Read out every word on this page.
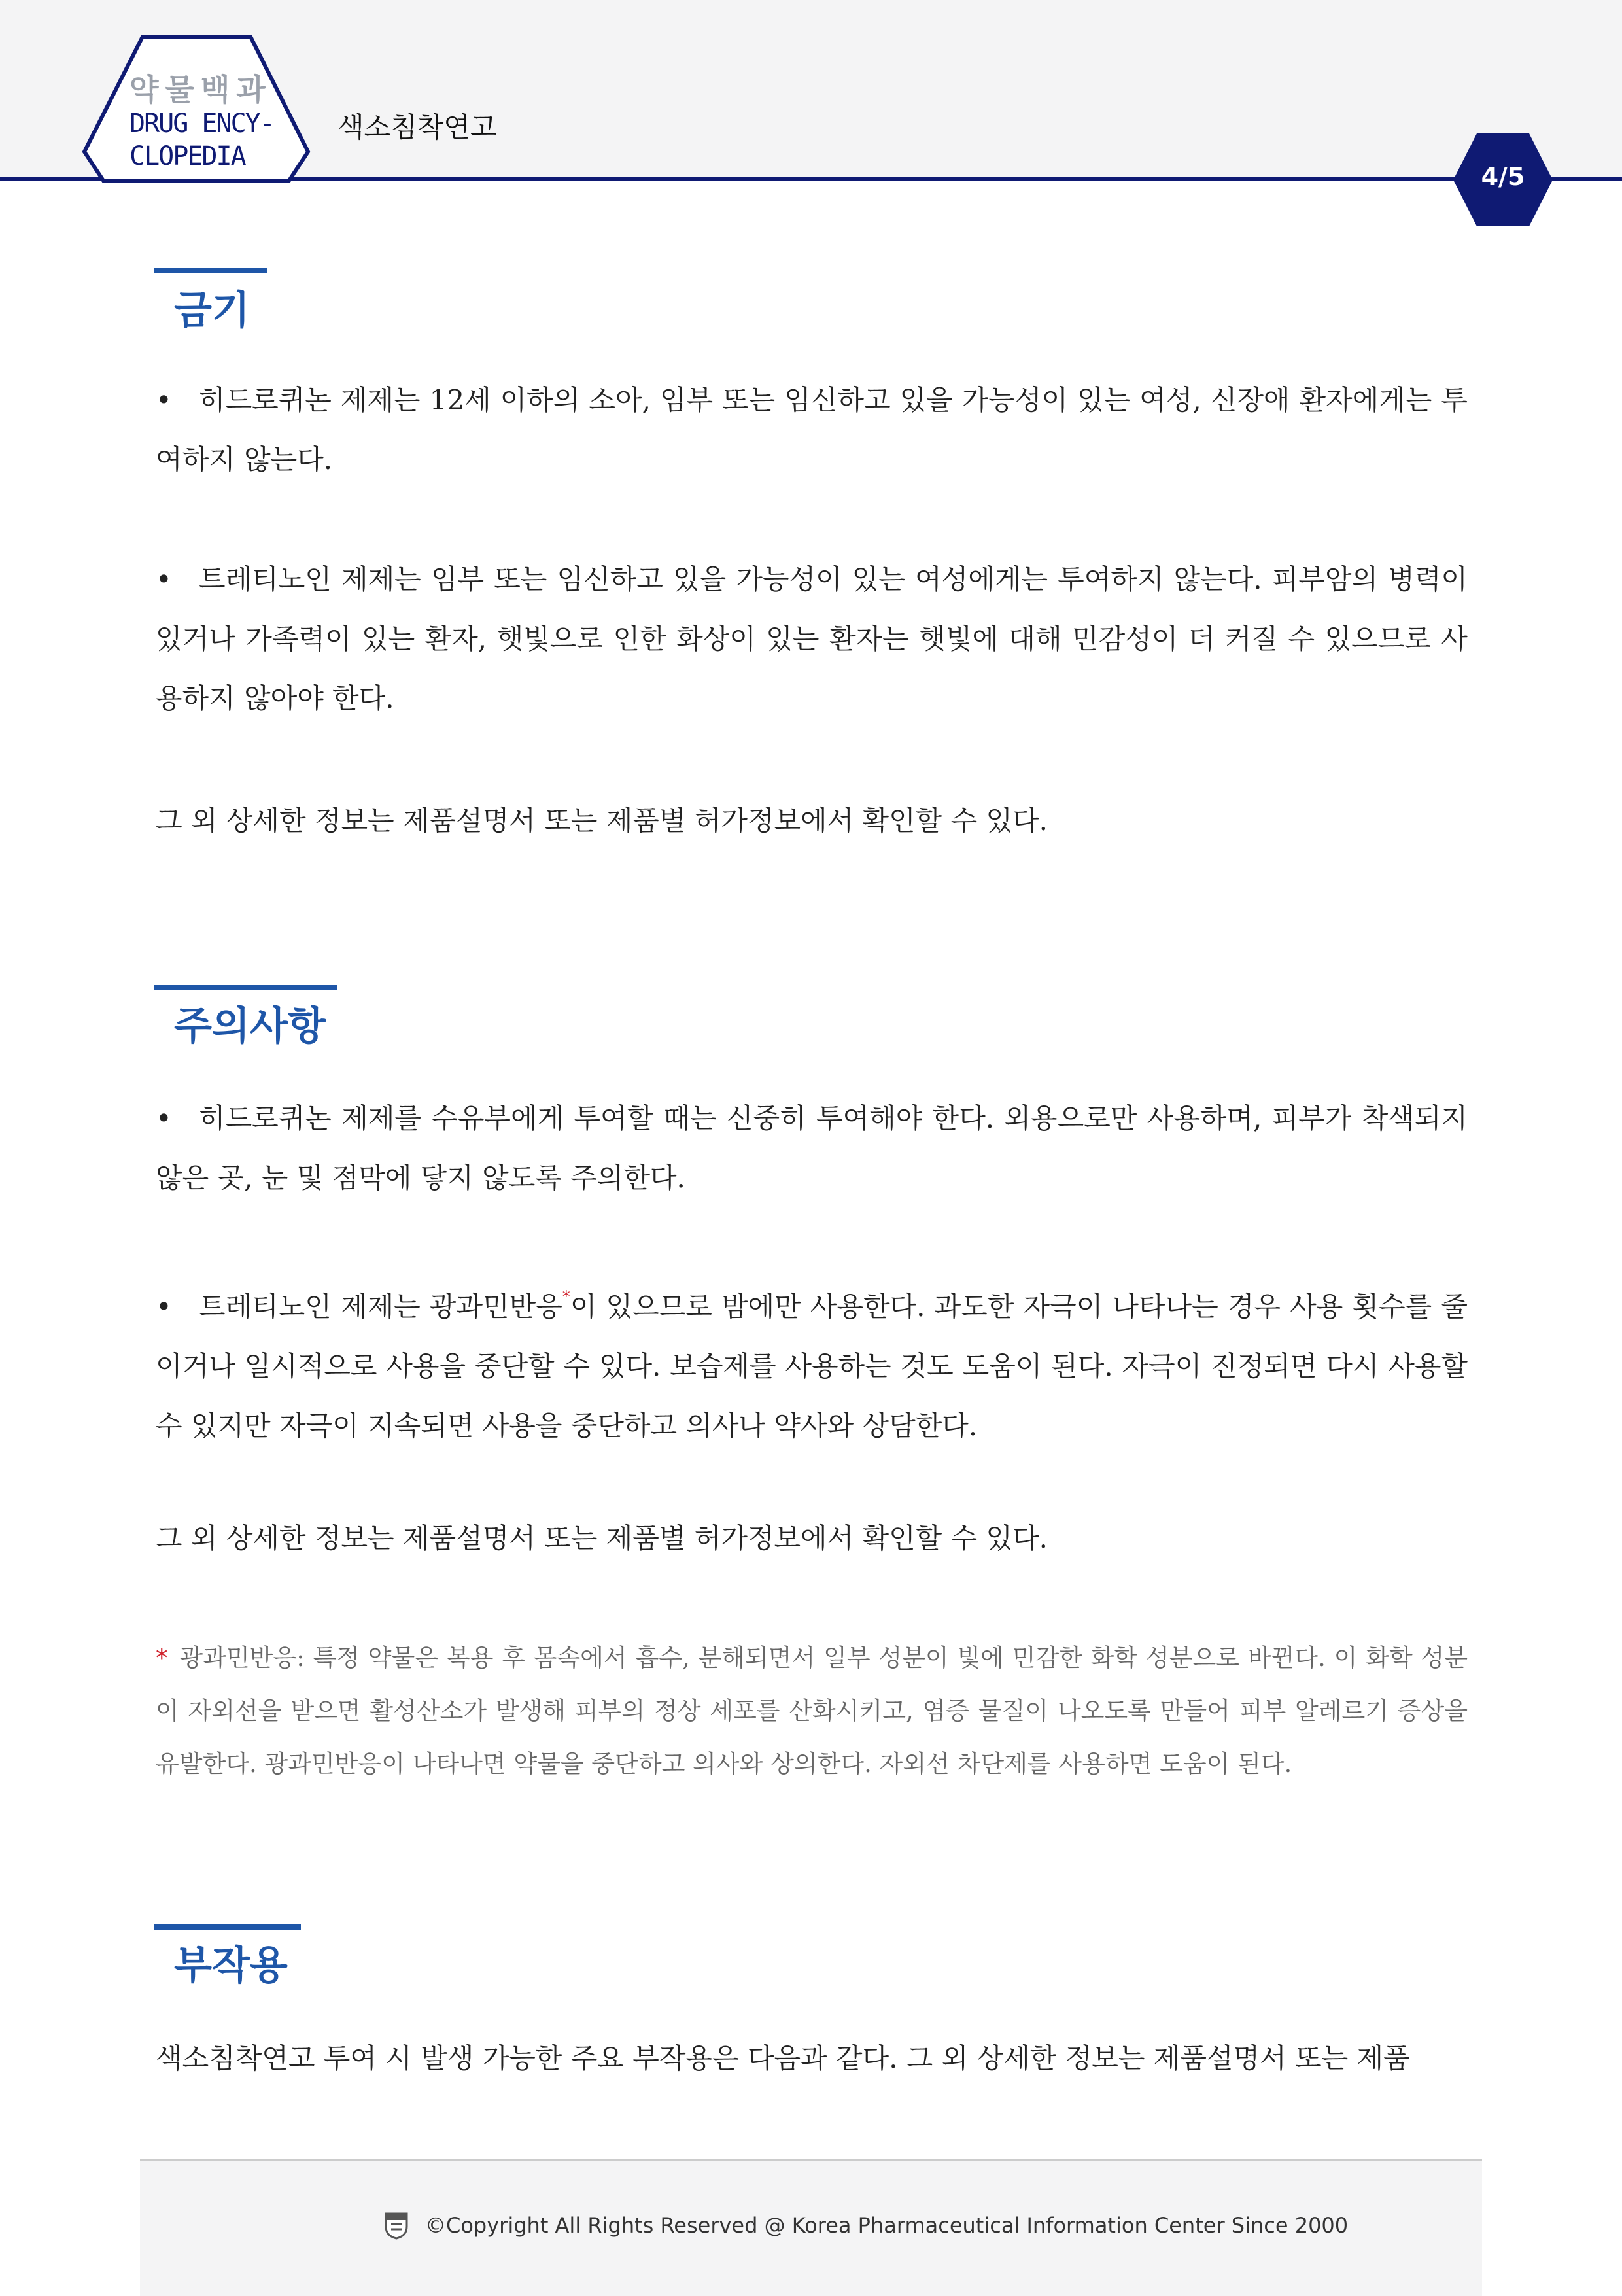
약물백과
DRUG ENCY-
CLOPEDIA
색소침착연고
4/5
금기
• 히드로퀴논 제제는 12세 이하의 소아, 임부 또는 임신하고 있을 가능성이 있는 여성, 신장애 환자에게는 투여하지 않는다.
• 트레티노인 제제는 임부 또는 임신하고 있을 가능성이 있는 여성에게는 투여하지 않는다. 피부암의 병력이 있거나 가족력이 있는 환자, 햇빛으로 인한 화상이 있는 환자는 햇빛에 대해 민감성이 더 커질 수 있으므로 사용하지 않아야 한다.
그 외 상세한 정보는 제품설명서 또는 제품별 허가정보에서 확인할 수 있다.
주의사항
• 히드로퀴논 제제를 수유부에게 투여할 때는 신중히 투여해야 한다. 외용으로만 사용하며, 피부가 착색되지 않은 곳, 눈 및 점막에 닿지 않도록 주의한다.
• 트레티노인 제제는 광과민반응*이 있으므로 밤에만 사용한다. 과도한 자극이 나타나는 경우 사용 횟수를 줄이거나 일시적으로 사용을 중단할 수 있다. 보습제를 사용하는 것도 도움이 된다. 자극이 진정되면 다시 사용할 수 있지만 자극이 지속되면 사용을 중단하고 의사나 약사와 상담한다.
그 외 상세한 정보는 제품설명서 또는 제품별 허가정보에서 확인할 수 있다.
* 광과민반응: 특정 약물은 복용 후 몸속에서 흡수, 분해되면서 일부 성분이 빛에 민감한 화학 성분으로 바뀐다. 이 화학 성분이 자외선을 받으면 활성산소가 발생해 피부의 정상 세포를 산화시키고, 염증 물질이 나오도록 만들어 피부 알레르기 증상을 유발한다. 광과민반응이 나타나면 약물을 중단하고 의사와 상의한다. 자외선 차단제를 사용하면 도움이 된다.
부작용
색소침착연고 투여 시 발생 가능한 주요 부작용은 다음과 같다. 그 외 상세한 정보는 제품설명서 또는 제품
©Copyright All Rights Reserved @ Korea Pharmaceutical Information Center Since 2000
